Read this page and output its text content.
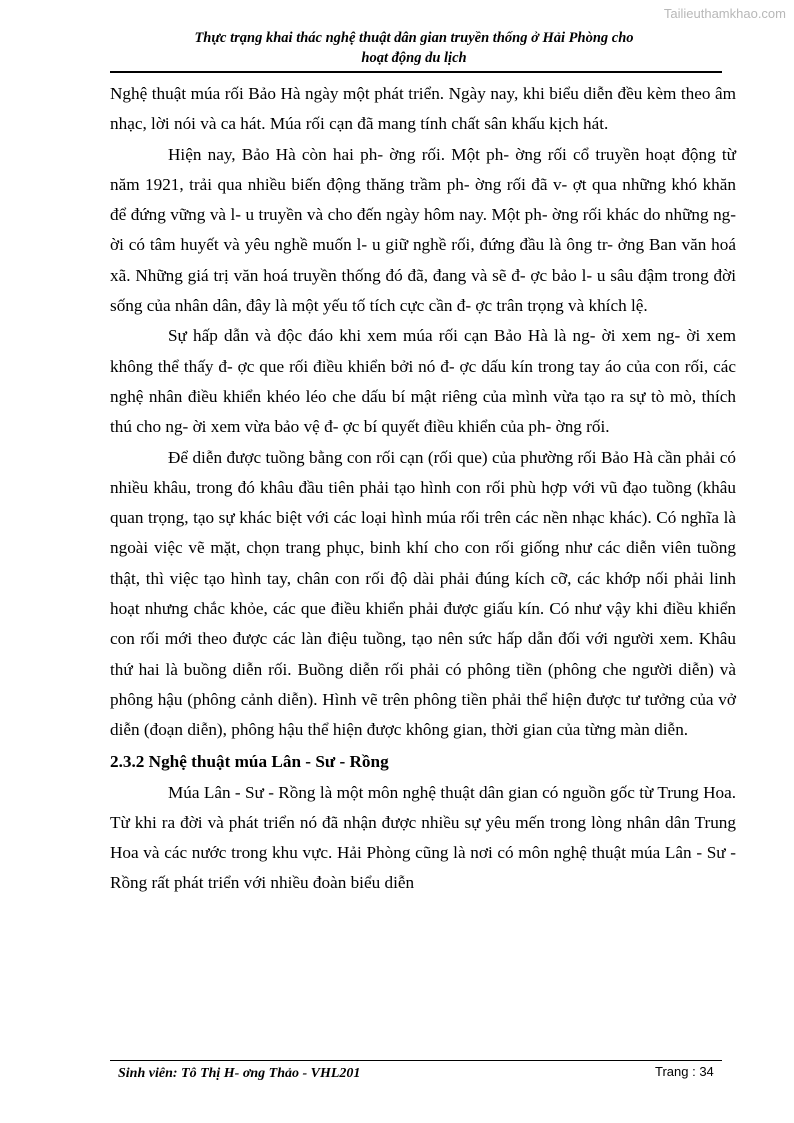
Tailieuthamkhao.com
Thực trạng khai thác nghệ thuật dân gian truyền thống ở Hải Phòng cho
hoạt động du lịch

Nghệ thuật múa rối Bảo Hà ngày một phát triển. Ngày nay, khi biểu diễn đều kèm theo âm nhạc, lời nói và ca hát. Múa rối cạn đã mang tính chất sân khấu kịch hát.

Hiện nay, Bảo Hà còn hai ph- ờng rối. Một ph- ờng rối cổ truyền hoạt động từ năm 1921, trải qua nhiều biến động thăng trầm ph- ờng rối đã v- ợt qua những khó khăn để đứng vững và l- u truyền và cho đến ngày hôm nay. Một ph- ờng rối khác do những ng- ời có tâm huyết và yêu nghề muốn l- u giữ nghề rối, đứng đầu là ông tr- ởng Ban văn hoá xã. Những giá trị văn hoá truyền thống đó đã, đang và sẽ đ- ợc bảo l- u sâu đậm trong đời sống của nhân dân, đây là một yếu tố tích cực cần đ- ợc trân trọng và khích lệ.

Sự hấp dẫn và độc đáo khi xem múa rối cạn Bảo Hà là ng- ời xem ng- ời xem không thể thấy đ- ợc que rối điều khiển bởi nó đ- ợc dấu kín trong tay áo của con rối, các nghệ nhân điều khiển khéo léo che dấu bí mật riêng của mình vừa tạo ra sự tò mò, thích thú cho ng- ời xem vừa bảo vệ đ- ợc bí quyết điều khiển của ph- ờng rối.

Để diễn được tuồng bằng con rối cạn (rối que) của phường rối Bảo Hà cần phải có nhiều khâu, trong đó khâu đầu tiên phải tạo hình con rối phù hợp với vũ đạo tuồng (khâu quan trọng, tạo sự khác biệt với các loại hình múa rối trên các nền nhạc khác). Có nghĩa là ngoài việc vẽ mặt, chọn trang phục, binh khí cho con rối giống như các diễn viên tuồng thật, thì việc tạo hình tay, chân con rối độ dài phải đúng kích cỡ, các khớp nối phải linh hoạt nhưng chắc khỏe, các que điều khiển phải được giấu kín. Có như vậy khi điều khiển con rối mới theo được các làn điệu tuồng, tạo nên sức hấp dẫn đối với người xem. Khâu thứ hai là buồng diễn rối. Buồng diễn rối phải có phông tiền (phông che người diễn) và phông hậu (phông cảnh diễn). Hình vẽ trên phông tiền phải thể hiện được tư tưởng của vở diễn (đoạn diễn), phông hậu thể hiện được không gian, thời gian của từng màn diễn.

2.3.2 Nghệ thuật múa Lân - Sư - Rồng

Múa Lân - Sư - Rồng là một môn nghệ thuật dân gian có nguồn gốc từ Trung Hoa. Từ khi ra đời và phát triển nó đã nhận được nhiều sự yêu mến trong lòng nhân dân Trung Hoa và các nước trong khu vực. Hải Phòng cũng là nơi có môn nghệ thuật múa Lân - Sư - Rồng rất phát triển với nhiều đoàn biểu diễn

Sinh viên: Tô Thị H- ơng Thảo - VHL201	Trang : 34
